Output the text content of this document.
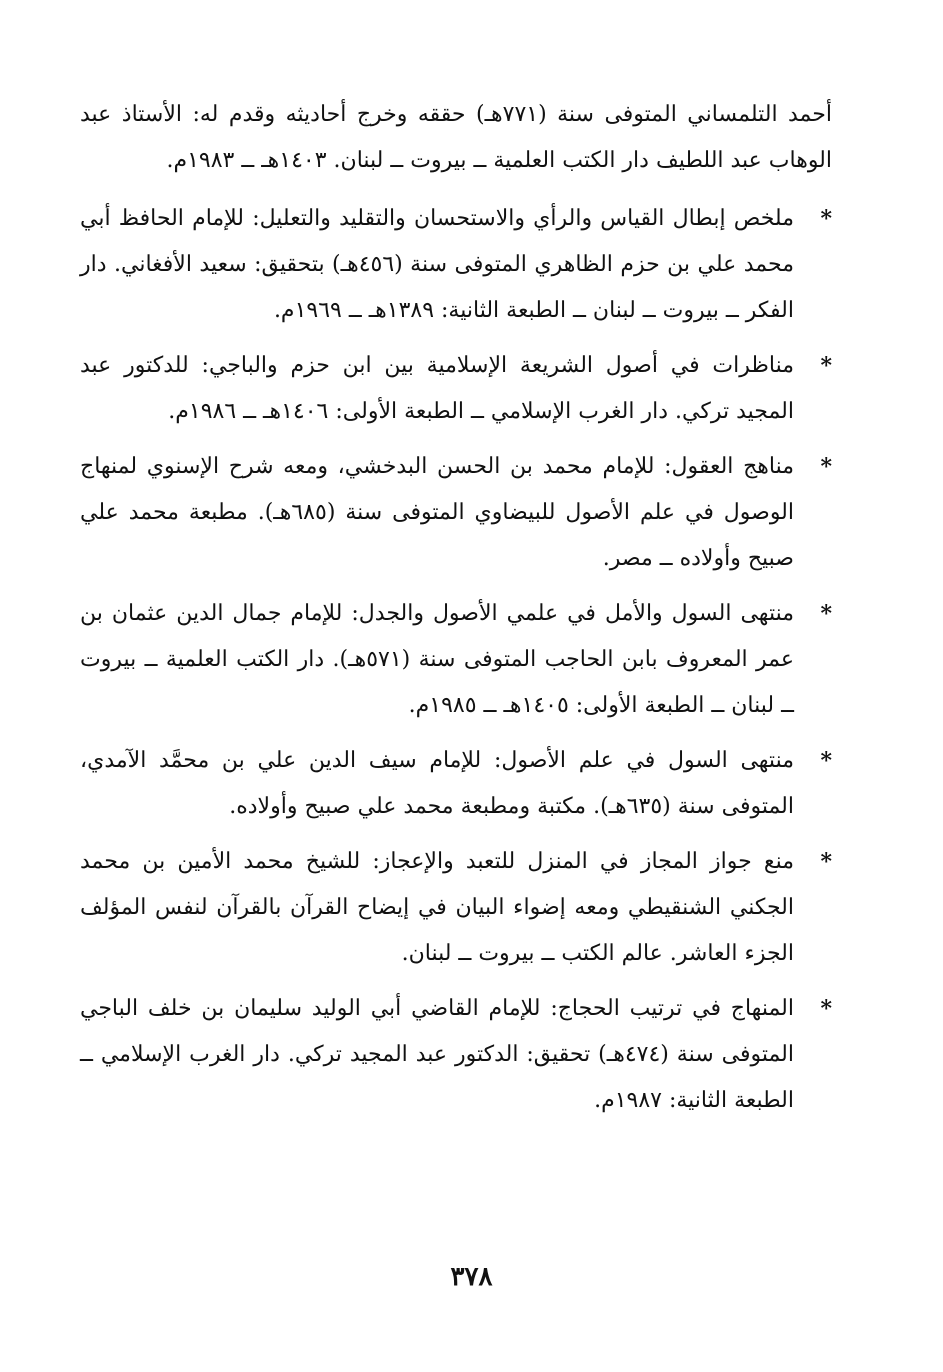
أحمد التلمساني المتوفى سنة (٧٧١هـ) حققه وخرج أحاديثه وقدم له: الأستاذ عبد الوهاب عبد اللطيف دار الكتب العلمية ــ بيروت ــ لبنان. ١٤٠٣هـ ــ ١٩٨٣م.
*
ملخص إبطال القياس والرأي والاستحسان والتقليد والتعليل: للإمام الحافظ أبي محمد علي بن حزم الظاهري المتوفى سنة (٤٥٦هـ) بتحقيق: سعيد الأفغاني. دار الفكر ــ بيروت ــ لبنان ــ الطبعة الثانية: ١٣٨٩هـ ــ ١٩٦٩م.
*
مناظرات في أصول الشريعة الإسلامية بين ابن حزم والباجي: للدكتور عبد المجيد تركي. دار الغرب الإسلامي ــ الطبعة الأولى: ١٤٠٦هـ ــ ١٩٨٦م.
*
مناهج العقول: للإمام محمد بن الحسن البدخشي، ومعه شرح الإسنوي لمنهاج الوصول في علم الأصول للبيضاوي المتوفى سنة (٦٨٥هـ). مطبعة محمد علي صبيح وأولاده ــ مصر.
*
منتهى السول والأمل في علمي الأصول والجدل: للإمام جمال الدين عثمان بن عمر المعروف بابن الحاجب المتوفى سنة (٥٧١هـ). دار الكتب العلمية ــ بيروت ــ لبنان ــ الطبعة الأولى: ١٤٠٥هـ ــ ١٩٨٥م.
*
منتهى السول في علم الأصول: للإمام سيف الدين علي بن محمَّد الآمدي، المتوفى سنة (٦٣٥هـ). مكتبة ومطبعة محمد علي صبيح وأولاده.
*
منع جواز المجاز في المنزل للتعبد والإعجاز: للشيخ محمد الأمين بن محمد الجكني الشنقيطي ومعه إضواء البيان في إيضاح القرآن بالقرآن لنفس المؤلف الجزء العاشر. عالم الكتب ــ بيروت ــ لبنان.
*
المنهاج في ترتيب الحجاج: للإمام القاضي أبي الوليد سليمان بن خلف الباجي المتوفى سنة (٤٧٤هـ) تحقيق: الدكتور عبد المجيد تركي. دار الغرب الإسلامي ــ الطبعة الثانية: ١٩٨٧م.
٣٧٨
